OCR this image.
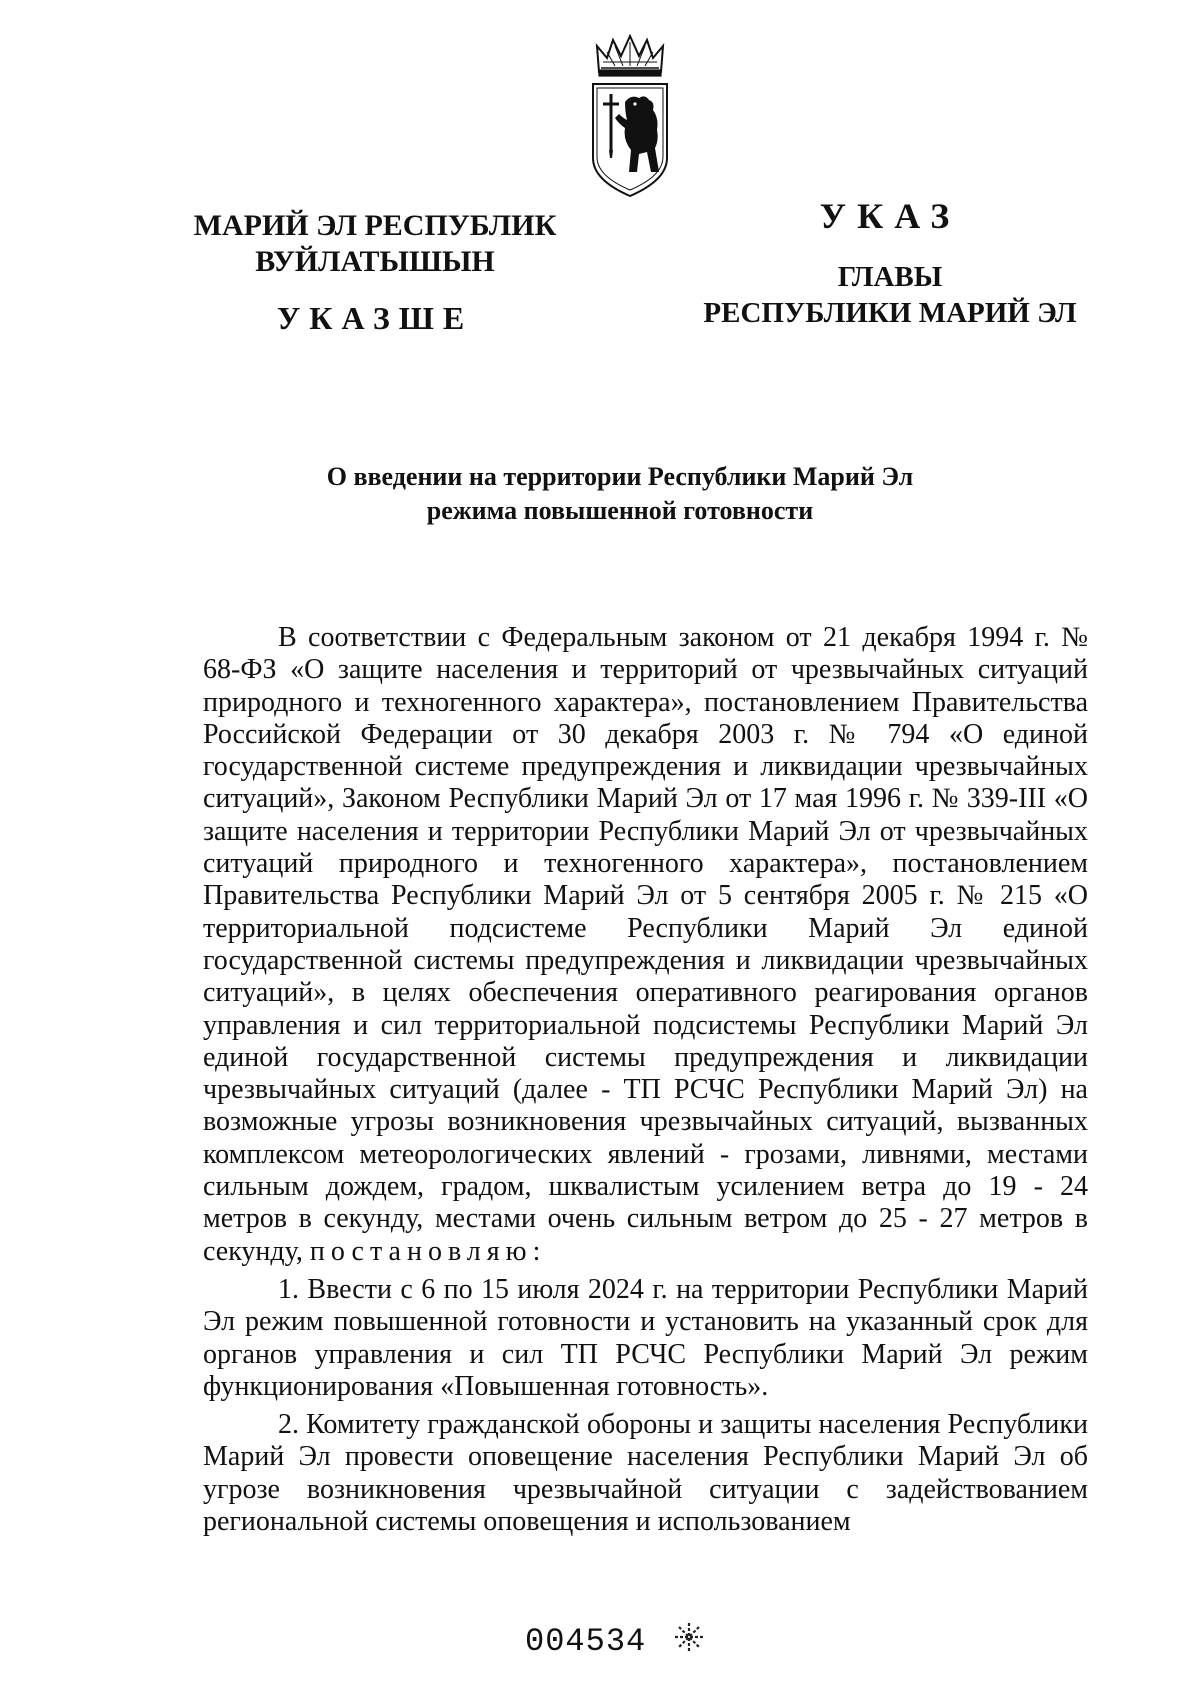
МАРИЙ ЭЛ РЕСПУБЛИК
ВУЙЛАТЫШЫН
УКАЗШЕ
УКАЗ
ГЛАВЫ
РЕСПУБЛИКИ МАРИЙ ЭЛ
О введении на территории Республики Марий Эл
режима повышенной готовности

В соответствии с Федеральным законом от 21 декабря 1994 г. № 68-ФЗ «О защите населения и территорий от чрезвычайных ситуаций природного и техногенного характера», постановлением Правительства Российской Федерации от 30 декабря 2003 г. № 794 «О единой государственной системе предупреждения и ликвидации чрезвычайных ситуаций», Законом Республики Марий Эл от 17 мая 1996 г. № 339-III «О защите населения и территории Республики Марий Эл от чрезвычайных ситуаций природного и техногенного характера», постановлением Правительства Республики Марий Эл от 5 сентября 2005 г. № 215 «О территориальной подсистеме Республики Марий Эл единой государственной системы предупреждения и ликвидации чрезвычайных ситуаций», в целях обеспечения оперативного реагирования органов управления и сил территориальной подсистемы Республики Марий Эл единой государственной системы предупреждения и ликвидации чрезвычайных ситуаций (далее - ТП РСЧС Республики Марий Эл) на возможные угрозы возникновения чрезвычайных ситуаций, вызванных комплексом метеорологических явлений - грозами, ливнями, местами сильным дождем, градом, шквалистым усилением ветра до 19 - 24 метров в секунду, местами очень сильным ветром до 25 - 27 метров в секунду, постановляю:

1. Ввести с 6 по 15 июля 2024 г. на территории Республики Марий Эл режим повышенной готовности и установить на указанный срок для органов управления и сил ТП РСЧС Республики Марий Эл режим функционирования «Повышенная готовность».

2. Комитету гражданской обороны и защиты населения Республики Марий Эл провести оповещение населения Республики Марий Эл об угрозе возникновения чрезвычайной ситуации с задействованием региональной системы оповещения и использованием

004534
